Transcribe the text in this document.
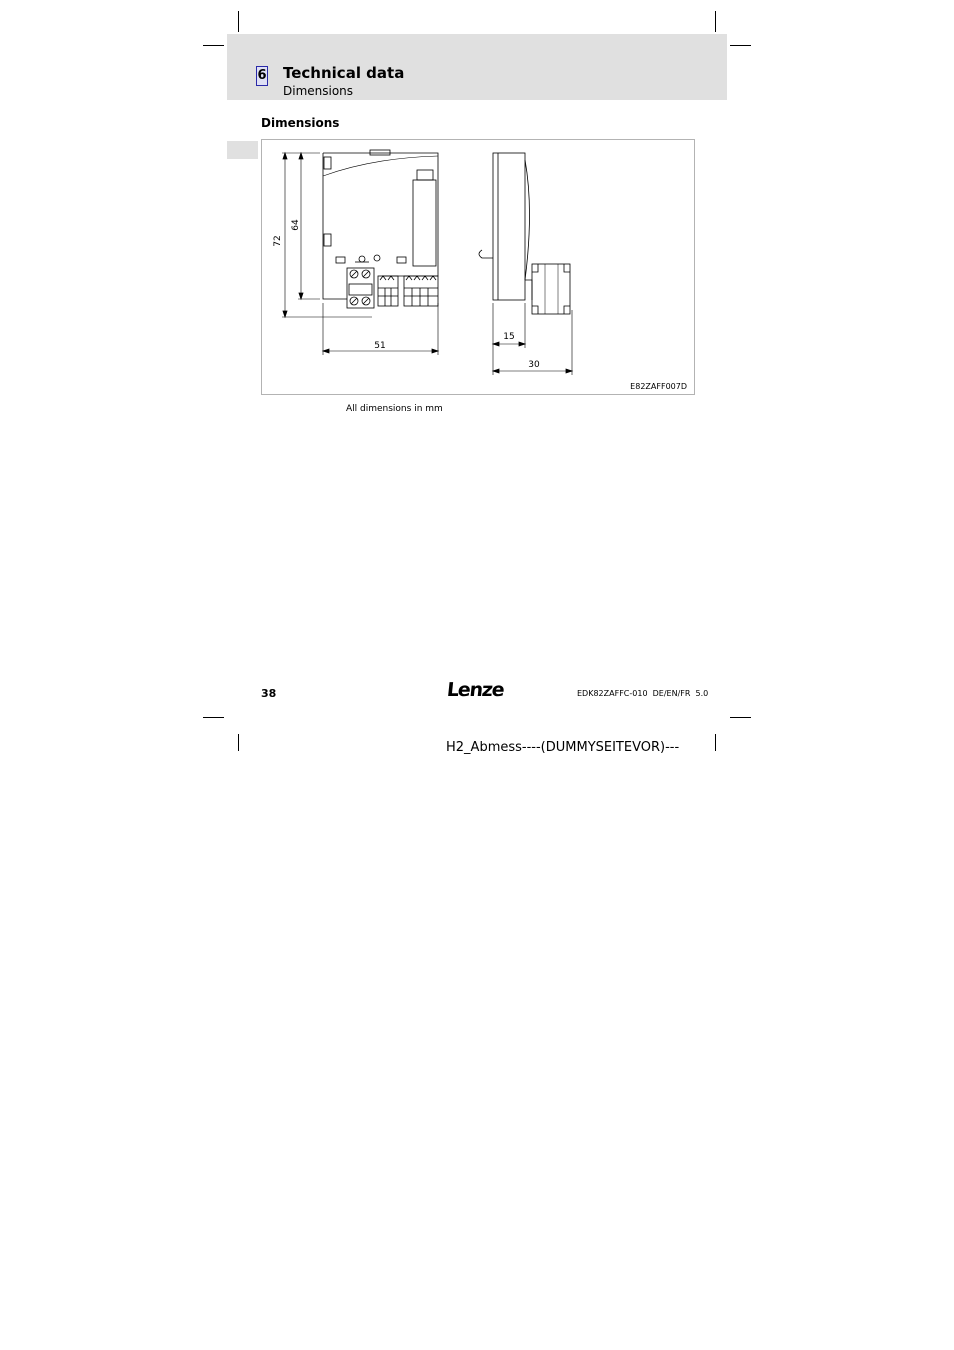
6 Technical data
Dimensions
Dimensions
72
64
51
15
30
E82ZAFF007D
All dimensions in mm
38	Lenze	EDK82ZAFFC-010  DE/EN/FR  5.0
H2_Abmess----(DUMMYSEITEVOR)---
